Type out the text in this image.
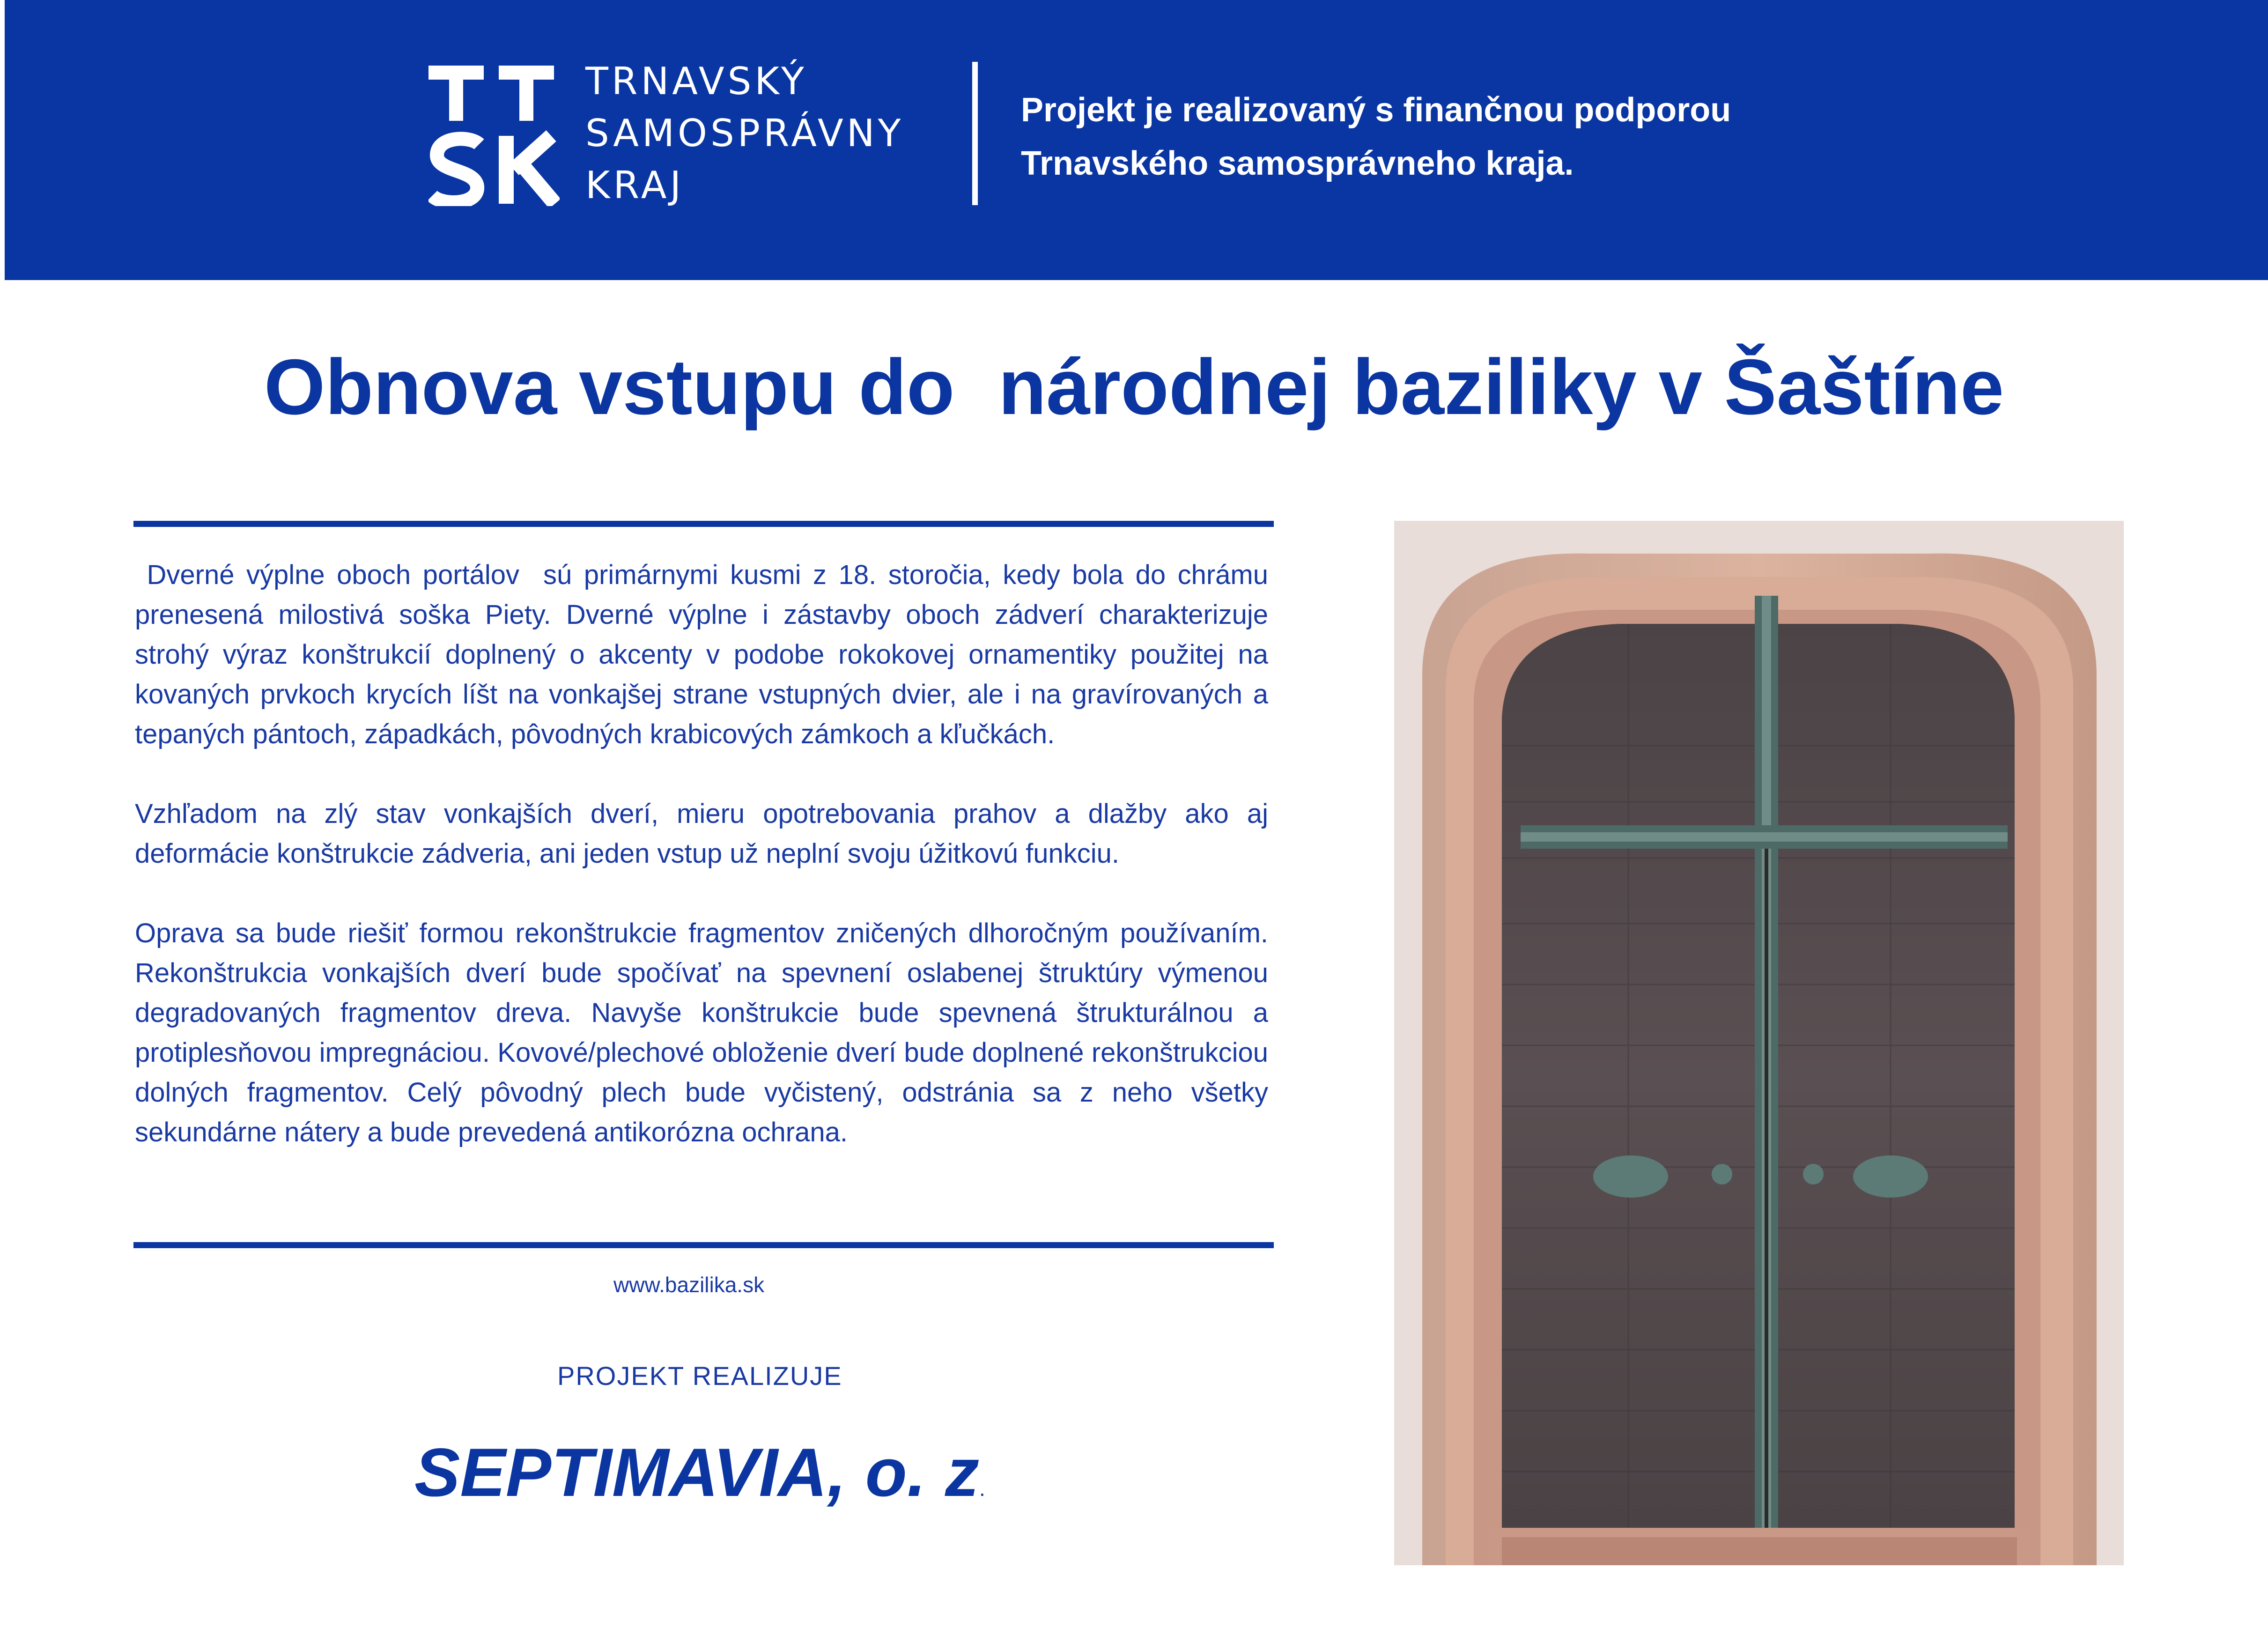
TRNAVSKÝ
SAMOSPRÁVNY
KRAJ
Projekt je realizovaný s finančnou podporou
Trnavského samosprávneho kraja.
Obnova vstupu do  národnej baziliky v Šaštíne

Dverné výplne oboch portálov  sú primárnymi kusmi z 18. storočia, kedy bola do chrámu prenesená milostivá soška Piety. Dverné výplne i zástavby oboch zádverí charakterizuje strohý výraz konštrukcií doplnený o akcenty v podobe rokokovej ornamentiky použitej na kovaných prvkoch krycích líšt na vonkajšej strane vstupných dvier, ale i na gravírovaných a tepaných pántoch, západkách, pôvodných krabicových zámkoch a kľučkách.

Vzhľadom na zlý stav vonkajších dverí, mieru opotrebovania prahov a dlažby ako aj deformácie konštrukcie zádveria, ani jeden vstup už neplní svoju úžitkovú funkciu.

Oprava sa bude riešiť formou rekonštrukcie fragmentov zničených dlhoročným používaním. Rekonštrukcia vonkajších dverí bude spočívať na spevnení oslabenej štruktúry výmenou degradovaných fragmentov dreva. Navyše konštrukcie bude spevnená štrukturálnou a protiplesňovou impregnáciou. Kovové/plechové obloženie dverí bude doplnené rekonštrukciou dolných fragmentov. Celý pôvodný plech bude vyčistený, odstránia sa z neho všetky sekundárne nátery a bude prevedená antikorózna ochrana.

www.bazilika.sk
PROJEKT REALIZUJE
SEPTIMAVIA, o. z.
